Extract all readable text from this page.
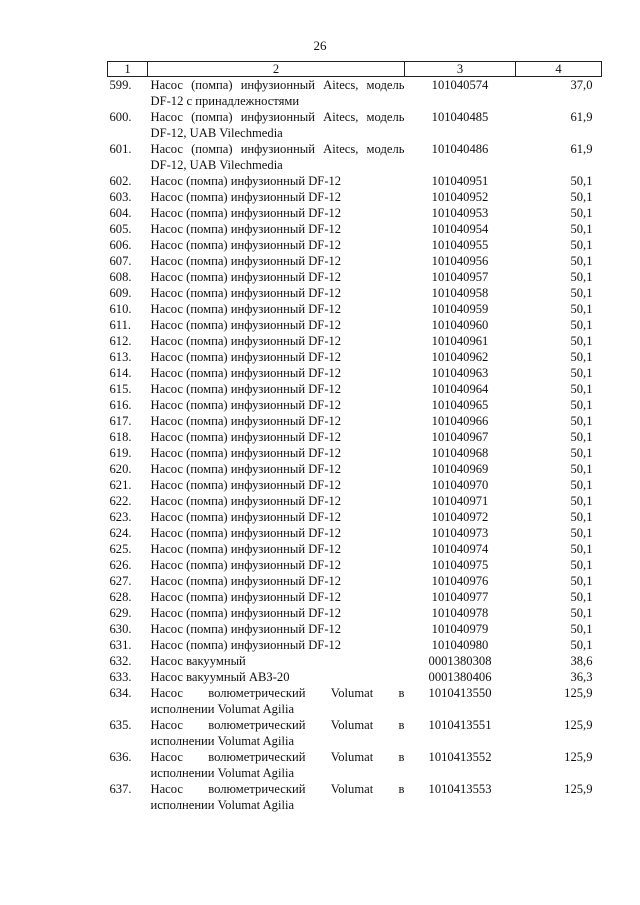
26
1	2	3	4
599.	Насос (помпа) инфузионный Aitecs, модель DF-12 с принадлежностями	101040574	37,0
600.	Насос (помпа) инфузионный Aitecs, модель DF-12, UAB Vilechmedia	101040485	61,9
601.	Насос (помпа) инфузионный Aitecs, модель DF-12, UAB Vilechmedia	101040486	61,9
602.	Насос (помпа) инфузионный DF-12	101040951	50,1
603.	Насос (помпа) инфузионный DF-12	101040952	50,1
604.	Насос (помпа) инфузионный DF-12	101040953	50,1
605.	Насос (помпа) инфузионный DF-12	101040954	50,1
606.	Насос (помпа) инфузионный DF-12	101040955	50,1
607.	Насос (помпа) инфузионный DF-12	101040956	50,1
608.	Насос (помпа) инфузионный DF-12	101040957	50,1
609.	Насос (помпа) инфузионный DF-12	101040958	50,1
610.	Насос (помпа) инфузионный DF-12	101040959	50,1
611.	Насос (помпа) инфузионный DF-12	101040960	50,1
612.	Насос (помпа) инфузионный DF-12	101040961	50,1
613.	Насос (помпа) инфузионный DF-12	101040962	50,1
614.	Насос (помпа) инфузионный DF-12	101040963	50,1
615.	Насос (помпа) инфузионный DF-12	101040964	50,1
616.	Насос (помпа) инфузионный DF-12	101040965	50,1
617.	Насос (помпа) инфузионный DF-12	101040966	50,1
618.	Насос (помпа) инфузионный DF-12	101040967	50,1
619.	Насос (помпа) инфузионный DF-12	101040968	50,1
620.	Насос (помпа) инфузионный DF-12	101040969	50,1
621.	Насос (помпа) инфузионный DF-12	101040970	50,1
622.	Насос (помпа) инфузионный DF-12	101040971	50,1
623.	Насос (помпа) инфузионный DF-12	101040972	50,1
624.	Насос (помпа) инфузионный DF-12	101040973	50,1
625.	Насос (помпа) инфузионный DF-12	101040974	50,1
626.	Насос (помпа) инфузионный DF-12	101040975	50,1
627.	Насос (помпа) инфузионный DF-12	101040976	50,1
628.	Насос (помпа) инфузионный DF-12	101040977	50,1
629.	Насос (помпа) инфузионный DF-12	101040978	50,1
630.	Насос (помпа) инфузионный DF-12	101040979	50,1
631.	Насос (помпа) инфузионный DF-12	101040980	50,1
632.	Насос вакуумный	0001380308	38,6
633.	Насос вакуумный АВЗ-20	0001380406	36,3
634.	Насос волюметрический Volumat в исполнении Volumat Agilia	1010413550	125,9
635.	Насос волюметрический Volumat в исполнении Volumat Agilia	1010413551	125,9
636.	Насос волюметрический Volumat в исполнении Volumat Agilia	1010413552	125,9
637.	Насос волюметрический Volumat в исполнении Volumat Agilia	1010413553	125,9
